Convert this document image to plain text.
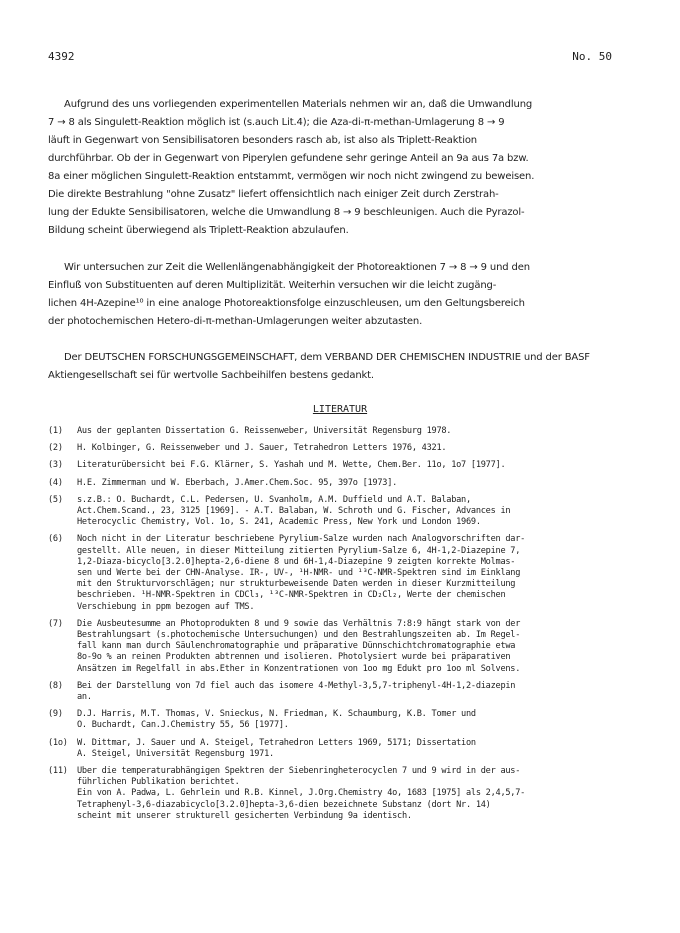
4392	No. 50

Aufgrund des uns vorliegenden experimentellen Materials nehmen wir an, daß die Umwandlung

7 → 8 als Singulett-Reaktion möglich ist (s.auch Lit.4); die Aza-di-π-methan-Umlagerung 8 → 9

läuft in Gegenwart von Sensibilisatoren besonders rasch ab, ist also als Triplett-Reaktion

durchführbar. Ob der in Gegenwart von Piperylen gefundene sehr geringe Anteil an 9a aus 7a bzw.

8a einer möglichen Singulett-Reaktion entstammt, vermögen wir noch nicht zwingend zu beweisen.

Die direkte Bestrahlung "ohne Zusatz" liefert offensichtlich nach einiger Zeit durch Zerstrah-

lung der Edukte Sensibilisatoren, welche die Umwandlung 8 → 9 beschleunigen. Auch die Pyrazol-

Bildung scheint überwiegend als Triplett-Reaktion abzulaufen.

Wir untersuchen zur Zeit die Wellenlängenabhängigkeit der Photoreaktionen 7 → 8 → 9 und den

Einfluß von Substituenten auf deren Multiplizität. Weiterhin versuchen wir die leicht zugäng-

lichen 4H-Azepine¹⁰ in eine analoge Photoreaktionsfolge einzuschleusen, um den Geltungsbereich

der photochemischen Hetero-di-π-methan-Umlagerungen weiter abzutasten.

Der DEUTSCHEN FORSCHUNGSGEMEINSCHAFT, dem VERBAND DER CHEMISCHEN INDUSTRIE und der BASF

Aktiengesellschaft sei für wertvolle Sachbeihilfen bestens gedankt.

LITERATUR
(1)	Aus der geplanten Dissertation G. Reissenweber, Universität Regensburg 1978.
(2)	H. Kolbinger, G. Reissenweber und J. Sauer, Tetrahedron Letters 1976, 4321.
(3)	Literaturübersicht bei F.G. Klärner, S. Yashah und M. Wette, Chem.Ber. 11o, 1o7 [1977].
(4)	H.E. Zimmerman und W. Eberbach, J.Amer.Chem.Soc. 95, 397o [1973].
(5)	s.z.B.: O. Buchardt, C.L. Pedersen, U. Svanholm, A.M. Duffield und A.T. Balaban,
Act.Chem.Scand., 23, 3125 [1969]. - A.T. Balaban, W. Schroth und G. Fischer, Advances in
Heterocyclic Chemistry, Vol. 1o, S. 241, Academic Press, New York und London 1969.
(6)	Noch nicht in der Literatur beschriebene Pyrylium-Salze wurden nach Analogvorschriften dar-
gestellt. Alle neuen, in dieser Mitteilung zitierten Pyrylium-Salze 6, 4H-1,2-Diazepine 7,
1,2-Diaza-bicyclo[3.2.0]hepta-2,6-diene 8 und 6H-1,4-Diazepine 9 zeigten korrekte Molmas-
sen und Werte bei der CHN-Analyse. IR-, UV-, ¹H-NMR- und ¹³C-NMR-Spektren sind im Einklang
mit den Strukturvorschlägen; nur strukturbeweisende Daten werden in dieser Kurzmitteilung
beschrieben. ¹H-NMR-Spektren in CDCl₃, ¹³C-NMR-Spektren in CD₂Cl₂, Werte der chemischen
Verschiebung in ppm bezogen auf TMS.
(7)	Die Ausbeutesumme an Photoprodukten 8 und 9 sowie das Verhältnis 7:8:9 hängt stark von der
Bestrahlungsart (s.photochemische Untersuchungen) und den Bestrahlungszeiten ab. Im Regel-
fall kann man durch Säulenchromatographie und präparative Dünnschichtchromatographie etwa
8o-9o % an reinen Produkten abtrennen und isolieren. Photolysiert wurde bei präparativen
Ansätzen im Regelfall in abs.Ether in Konzentrationen von 1oo mg Edukt pro 1oo ml Solvens.
(8)	Bei der Darstellung von 7d fiel auch das isomere 4-Methyl-3,5,7-triphenyl-4H-1,2-diazepin
an.
(9)	D.J. Harris, M.T. Thomas, V. Snieckus, N. Friedman, K. Schaumburg, K.B. Tomer und
O. Buchardt, Can.J.Chemistry 55, 56 [1977].
(1o)	W. Dittmar, J. Sauer und A. Steigel, Tetrahedron Letters 1969, 5171; Dissertation
A. Steigel, Universität Regensburg 1971.
(11)	Über die temperaturabhängigen Spektren der Siebenringheterocyclen 7 und 9 wird in der aus-
führlichen Publikation berichtet.
Ein von A. Padwa, L. Gehrlein und R.B. Kinnel, J.Org.Chemistry 4o, 1683 [1975] als 2,4,5,7-
Tetraphenyl-3,6-diazabicyclo[3.2.0]hepta-3,6-dien bezeichnete Substanz (dort Nr. 14)
scheint mit unserer strukturell gesicherten Verbindung 9a identisch.
